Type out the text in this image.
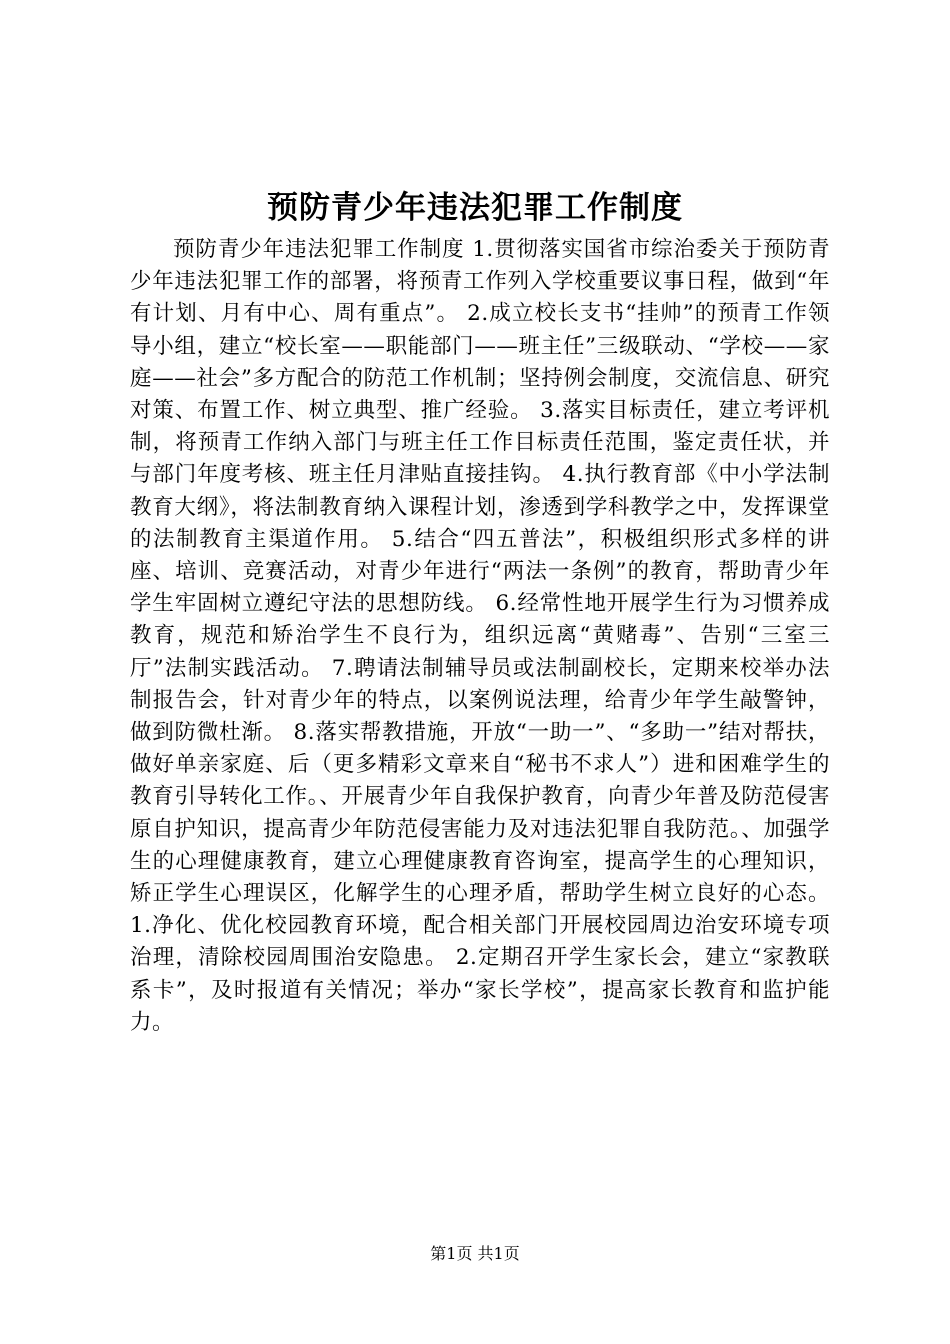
预防青少年违法犯罪工作制度
预防青少年违法犯罪工作制度 1.贯彻落实国省市综治委关于预防青少年违法犯罪工作的部署，将预青工作列入学校重要议事日程，做到“年有计划、月有中心、周有重点”。 2.成立校长支书“挂帅”的预青工作领导小组，建立“校长室——职能部门——班主任”三级联动、“学校——家庭——社会”多方配合的防范工作机制；坚持例会制度，交流信息、研究对策、布置工作、树立典型、推广经验。 3.落实目标责任，建立考评机制，将预青工作纳入部门与班主任工作目标责任范围，鉴定责任状，并与部门年度考核、班主任月津贴直接挂钩。 4.执行教育部《中小学法制教育大纲》，将法制教育纳入课程计划，渗透到学科教学之中，发挥课堂的法制教育主渠道作用。 5.结合“四五普法”，积极组织形式多样的讲座、培训、竞赛活动，对青少年进行“两法一条例”的教育，帮助青少年学生牢固树立遵纪守法的思想防线。 6.经常性地开展学生行为习惯养成教育，规范和矫治学生不良行为，组织远离“黄赌毒”、告别“三室三厅”法制实践活动。 7.聘请法制辅导员或法制副校长，定期来校举办法制报告会，针对青少年的特点，以案例说法理，给青少年学生敲警钟，做到防微杜渐。 8.落实帮教措施，开放“一助一”、“多助一”结对帮扶，做好单亲家庭、后（更多精彩文章来自“秘书不求人”）进和困难学生的教育引导转化工作。、开展青少年自我保护教育，向青少年普及防范侵害原自护知识，提高青少年防范侵害能力及对违法犯罪自我防范。、加强学生的心理健康教育，建立心理健康教育咨询室，提高学生的心理知识，矫正学生心理误区，化解学生的心理矛盾，帮助学生树立良好的心态。 1.净化、优化校园教育环境，配合相关部门开展校园周边治安环境专项治理，清除校园周围治安隐患。 2.定期召开学生家长会，建立“家教联系卡”，及时报道有关情况；举办“家长学校”，提高家长教育和监护能力。
第1页 共1页
